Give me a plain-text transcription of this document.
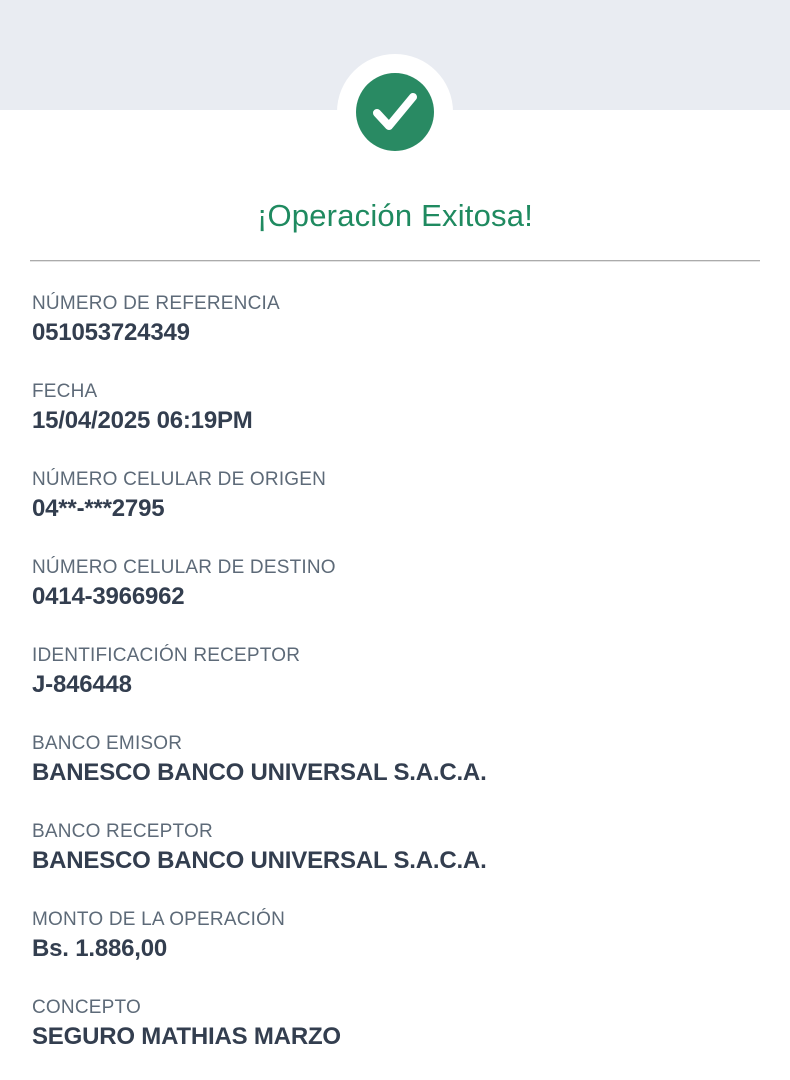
¡Operación Exitosa!
NÚMERO DE REFERENCIA
051053724349
FECHA
15/04/2025 06:19PM
NÚMERO CELULAR DE ORIGEN
04**-***2795
NÚMERO CELULAR DE DESTINO
0414-3966962
IDENTIFICACIÓN RECEPTOR
J-846448
BANCO EMISOR
BANESCO BANCO UNIVERSAL S.A.C.A.
BANCO RECEPTOR
BANESCO BANCO UNIVERSAL S.A.C.A.
MONTO DE LA OPERACIÓN
Bs. 1.886,00
CONCEPTO
SEGURO MATHIAS MARZO
